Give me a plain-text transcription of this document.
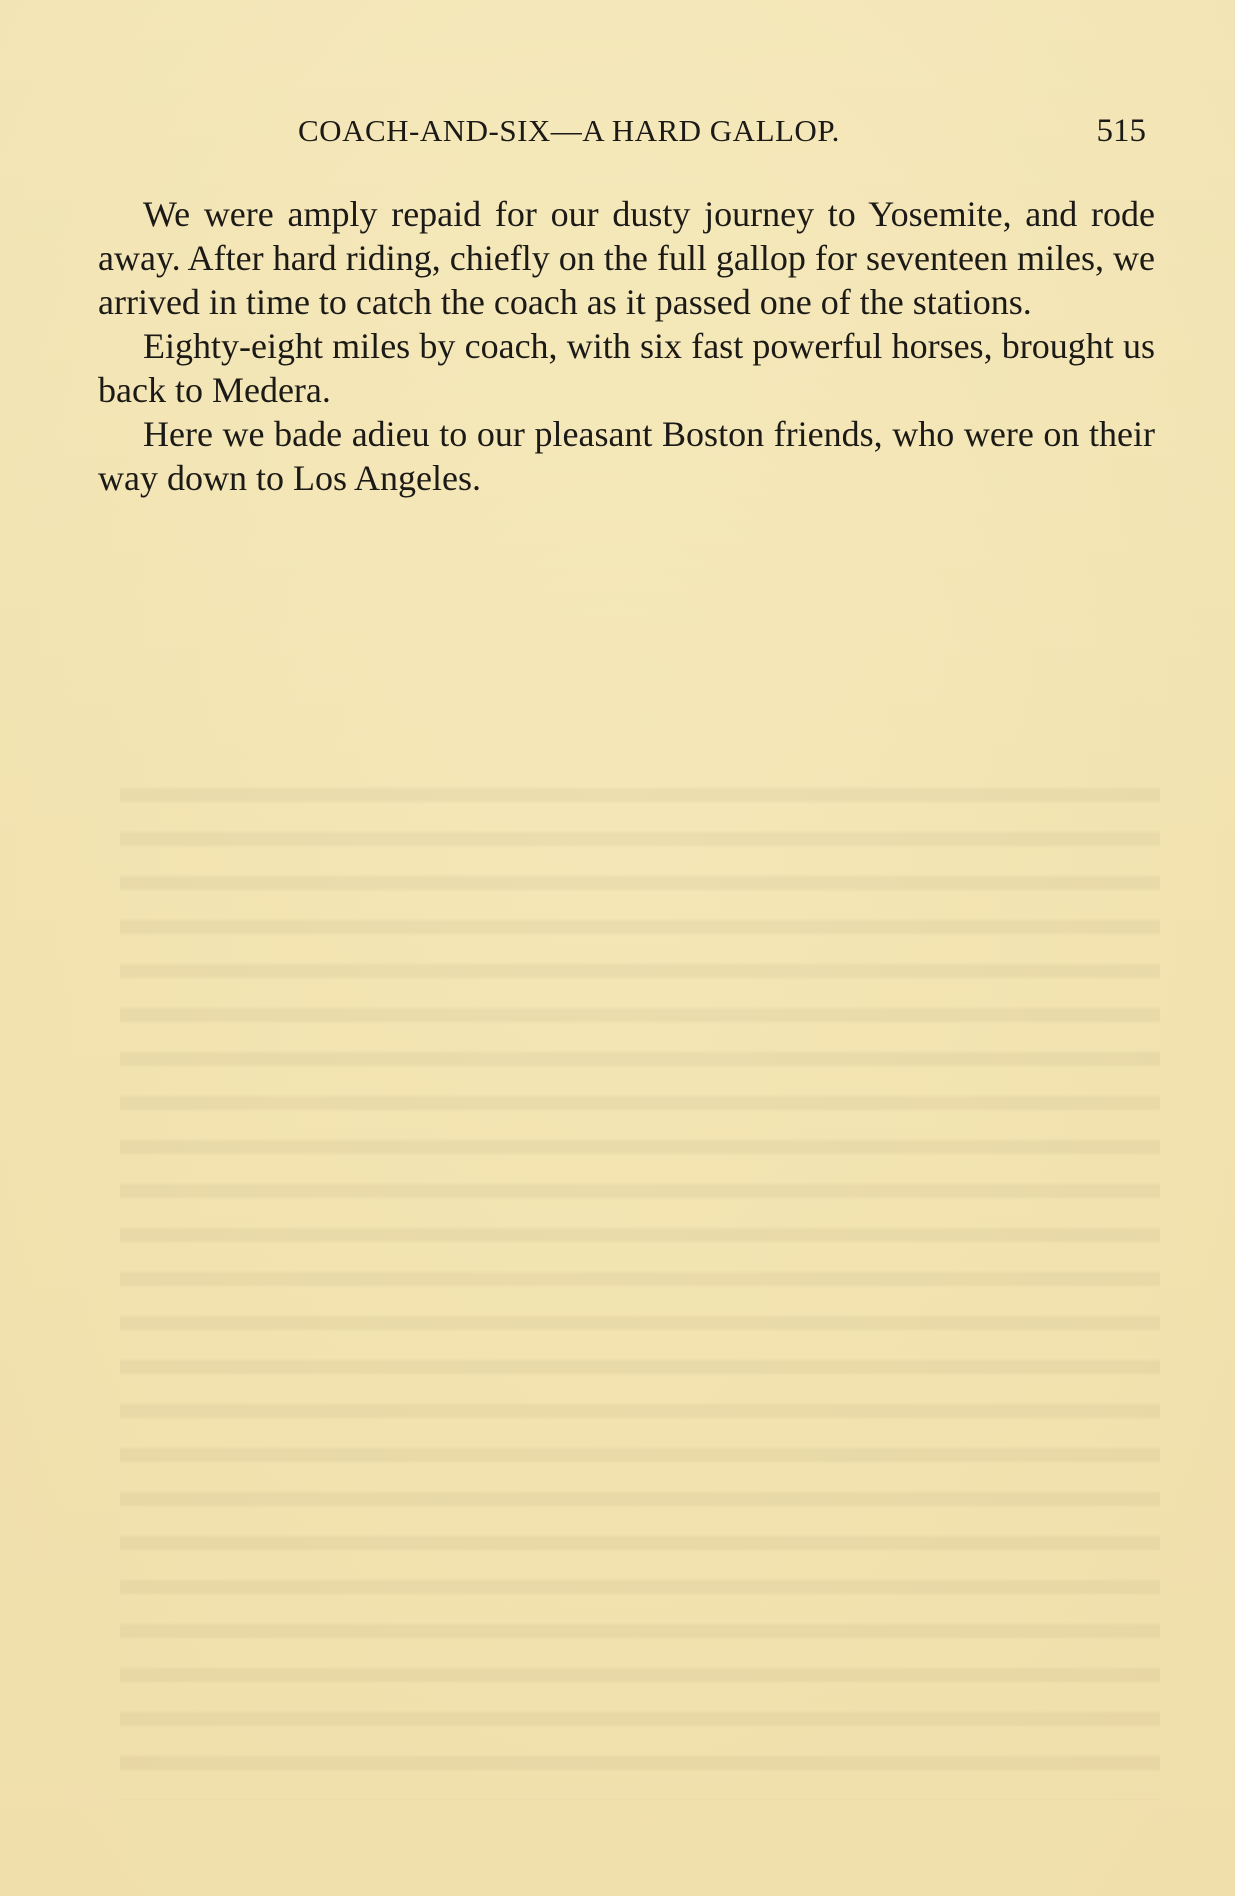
COACH-AND-SIX—A HARD GALLOP.	515

We were amply repaid for our dusty journey to Yosemite, and rode away. After hard riding, chiefly on the full gallop for seventeen miles, we arrived in time to catch the coach as it passed one of the stations.

Eighty-eight miles by coach, with six fast powerful horses, brought us back to Medera.

Here we bade adieu to our pleasant Boston friends, who were on their way down to Los Angeles.
